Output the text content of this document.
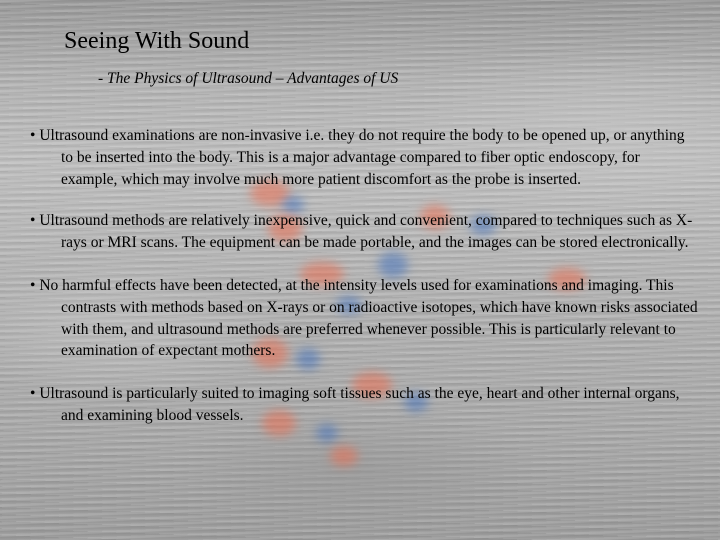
Seeing With Sound
- The Physics of Ultrasound – Advantages of US
• Ultrasound examinations are non-invasive i.e. they do not require the body to be opened up, or anything to be inserted into the body. This is a major advantage compared to fiber optic endoscopy, for example, which may involve much more patient discomfort as the probe is inserted.
• Ultrasound methods are relatively inexpensive, quick and convenient, compared to techniques such as X-rays or MRI scans. The equipment can be made portable, and the images can be stored electronically.
• No harmful effects have been detected, at the intensity levels used for examinations and imaging. This contrasts with methods based on X-rays or on radioactive isotopes, which have known risks associated with them, and ultrasound methods are preferred whenever possible. This is particularly relevant to examination of expectant mothers.
• Ultrasound is particularly suited to imaging soft tissues such as the eye, heart and other internal organs, and examining blood vessels.
